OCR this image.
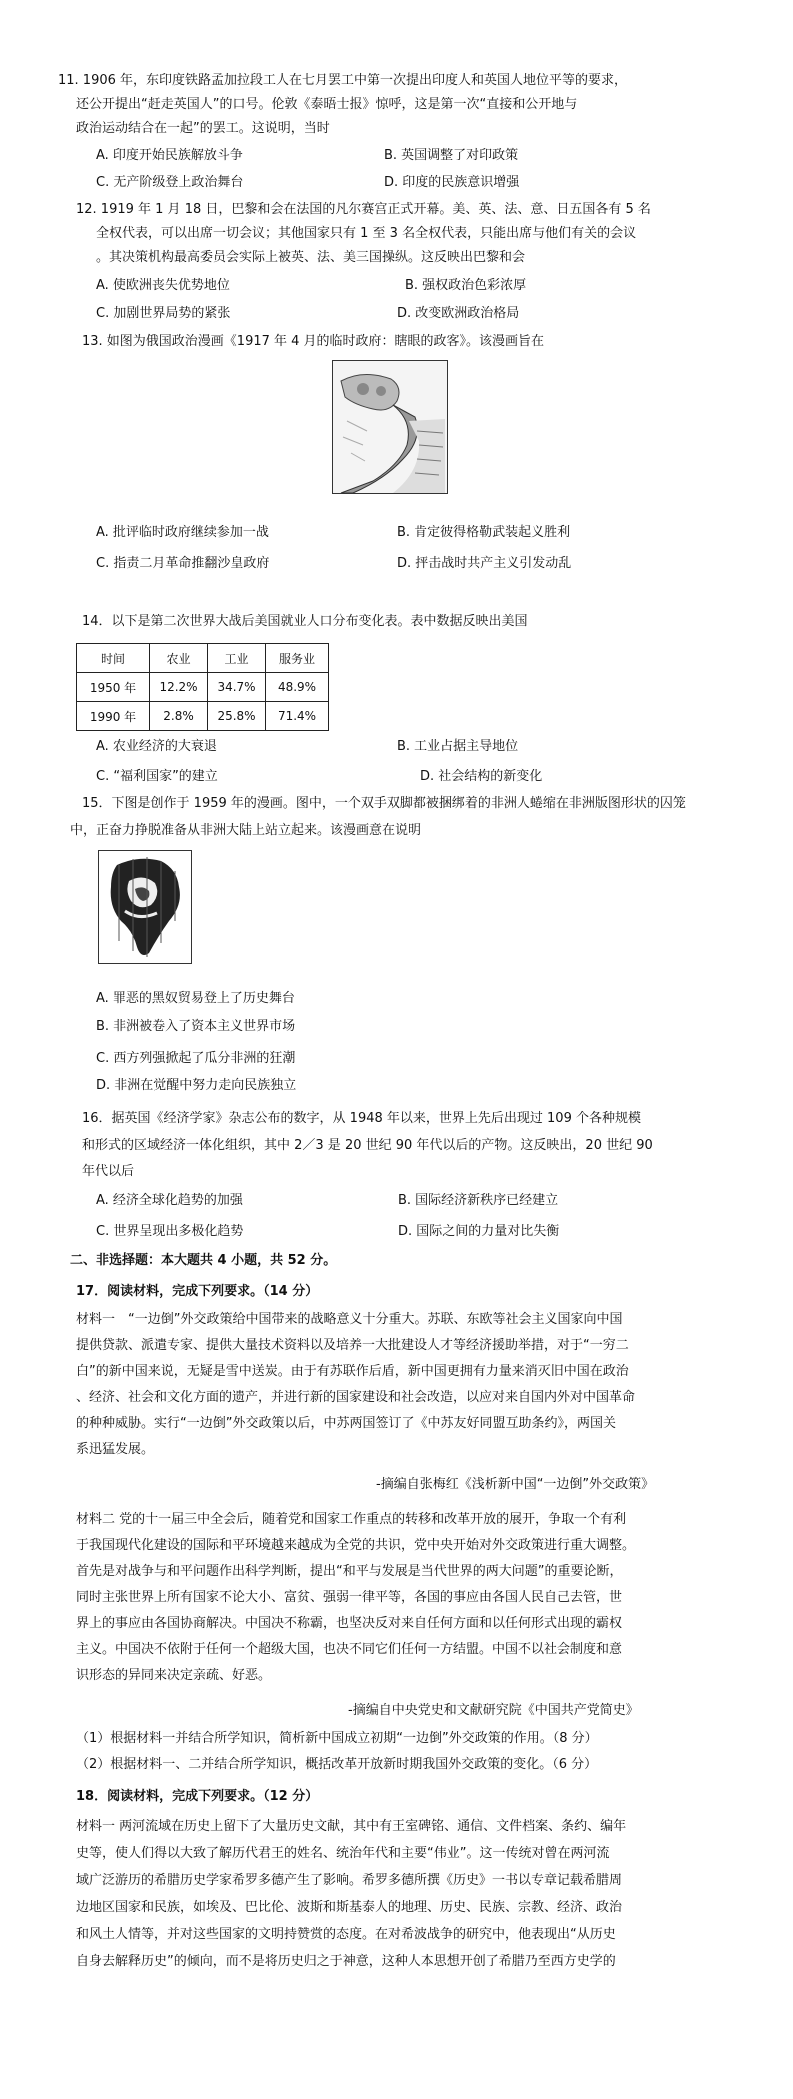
11. 1906 年，东印度铁路孟加拉段工人在七月罢工中第一次提出印度人和英国人地位平等的要求，
还公开提出“赶走英国人”的口号。伦敦《泰晤士报》惊呼，这是第一次“直接和公开地与
政治运动结合在一起”的罢工。这说明，当时
A. 印度开始民族解放斗争	B. 英国调整了对印政策
C. 无产阶级登上政治舞台	D. 印度的民族意识增强
12. 1919 年 1 月 18 日，巴黎和会在法国的凡尔赛宫正式开幕。美、英、法、意、日五国各有 5 名
全权代表，可以出席一切会议；其他国家只有 1 至 3 名全权代表，只能出席与他们有关的会议
。其决策机构最高委员会实际上被英、法、美三国操纵。这反映出巴黎和会
A. 使欧洲丧失优势地位	B. 强权政治色彩浓厚
C. 加剧世界局势的紧张	D. 改变欧洲政治格局
13. 如图为俄国政治漫画《1917 年 4 月的临时政府：瞎眼的政客》。该漫画旨在
A. 批评临时政府继续参加一战	B. 肯定彼得格勒武装起义胜利
C. 指责二月革命推翻沙皇政府	D. 抨击战时共产主义引发动乱
14．以下是第二次世界大战后美国就业人口分布变化表。表中数据反映出美国
时间	农业	工业	服务业
1950 年	12.2%	34.7%	48.9%
1990 年	2.8%	25.8%	71.4%
A. 农业经济的大衰退	B. 工业占据主导地位
C. “福利国家”的建立	D. 社会结构的新变化
15．下图是创作于 1959 年的漫画。图中，一个双手双脚都被捆绑着的非洲人蜷缩在非洲版图形状的囚笼
中，正奋力挣脱准备从非洲大陆上站立起来。该漫画意在说明
A. 罪恶的黑奴贸易登上了历史舞台
B. 非洲被卷入了资本主义世界市场
C. 西方列强掀起了瓜分非洲的狂潮
D. 非洲在觉醒中努力走向民族独立
16．据英国《经济学家》杂志公布的数字，从 1948 年以来，世界上先后出现过 109 个各种规模
和形式的区域经济一体化组织，其中 2／3 是 20 世纪 90 年代以后的产物。这反映出，20 世纪 90
年代以后
A. 经济全球化趋势的加强	B. 国际经济新秩序已经建立
C. 世界呈现出多极化趋势	D. 国际之间的力量对比失衡
二、非选择题：本大题共 4 小题，共 52 分。
17．阅读材料，完成下列要求。（14 分）
材料一　“一边倒”外交政策给中国带来的战略意义十分重大。苏联、东欧等社会主义国家向中国
提供贷款、派遣专家、提供大量技术资料以及培养一大批建设人才等经济援助举措，对于“一穷二
白”的新中国来说，无疑是雪中送炭。由于有苏联作后盾，新中国更拥有力量来消灭旧中国在政治
、经济、社会和文化方面的遗产，并进行新的国家建设和社会改造，以应对来自国内外对中国革命
的种种威胁。实行“一边倒”外交政策以后，中苏两国签订了《中苏友好同盟互助条约》，两国关
系迅猛发展。
-摘编自张梅红《浅析新中国“一边倒”外交政策》
材料二 党的十一届三中全会后，随着党和国家工作重点的转移和改革开放的展开，争取一个有利
于我国现代化建设的国际和平环境越来越成为全党的共识，党中央开始对外交政策进行重大调整。
首先是对战争与和平问题作出科学判断，提出“和平与发展是当代世界的两大问题”的重要论断，
同时主张世界上所有国家不论大小、富贫、强弱一律平等，各国的事应由各国人民自己去管，世
界上的事应由各国协商解决。中国决不称霸，也坚决反对来自任何方面和以任何形式出现的霸权
主义。中国决不依附于任何一个超级大国，也决不同它们任何一方结盟。中国不以社会制度和意
识形态的异同来决定亲疏、好恶。
-摘编自中央党史和文献研究院《中国共产党简史》
（1）根据材料一并结合所学知识，简析新中国成立初期“一边倒”外交政策的作用。（8 分）
（2）根据材料一、二并结合所学知识，概括改革开放新时期我国外交政策的变化。（6 分）
18．阅读材料，完成下列要求。（12 分）
材料一 两河流域在历史上留下了大量历史文献，其中有王室碑铭、通信、文件档案、条约、编年
史等，使人们得以大致了解历代君王的姓名、统治年代和主要“伟业”。这一传统对曾在两河流
域广泛游历的希腊历史学家希罗多德产生了影响。希罗多德所撰《历史》一书以专章记载希腊周
边地区国家和民族，如埃及、巴比伦、波斯和斯基泰人的地理、历史、民族、宗教、经济、政治
和风土人情等，并对这些国家的文明持赞赏的态度。在对希波战争的研究中，他表现出“从历史
自身去解释历史”的倾向，而不是将历史归之于神意，这种人本思想开创了希腊乃至西方史学的
